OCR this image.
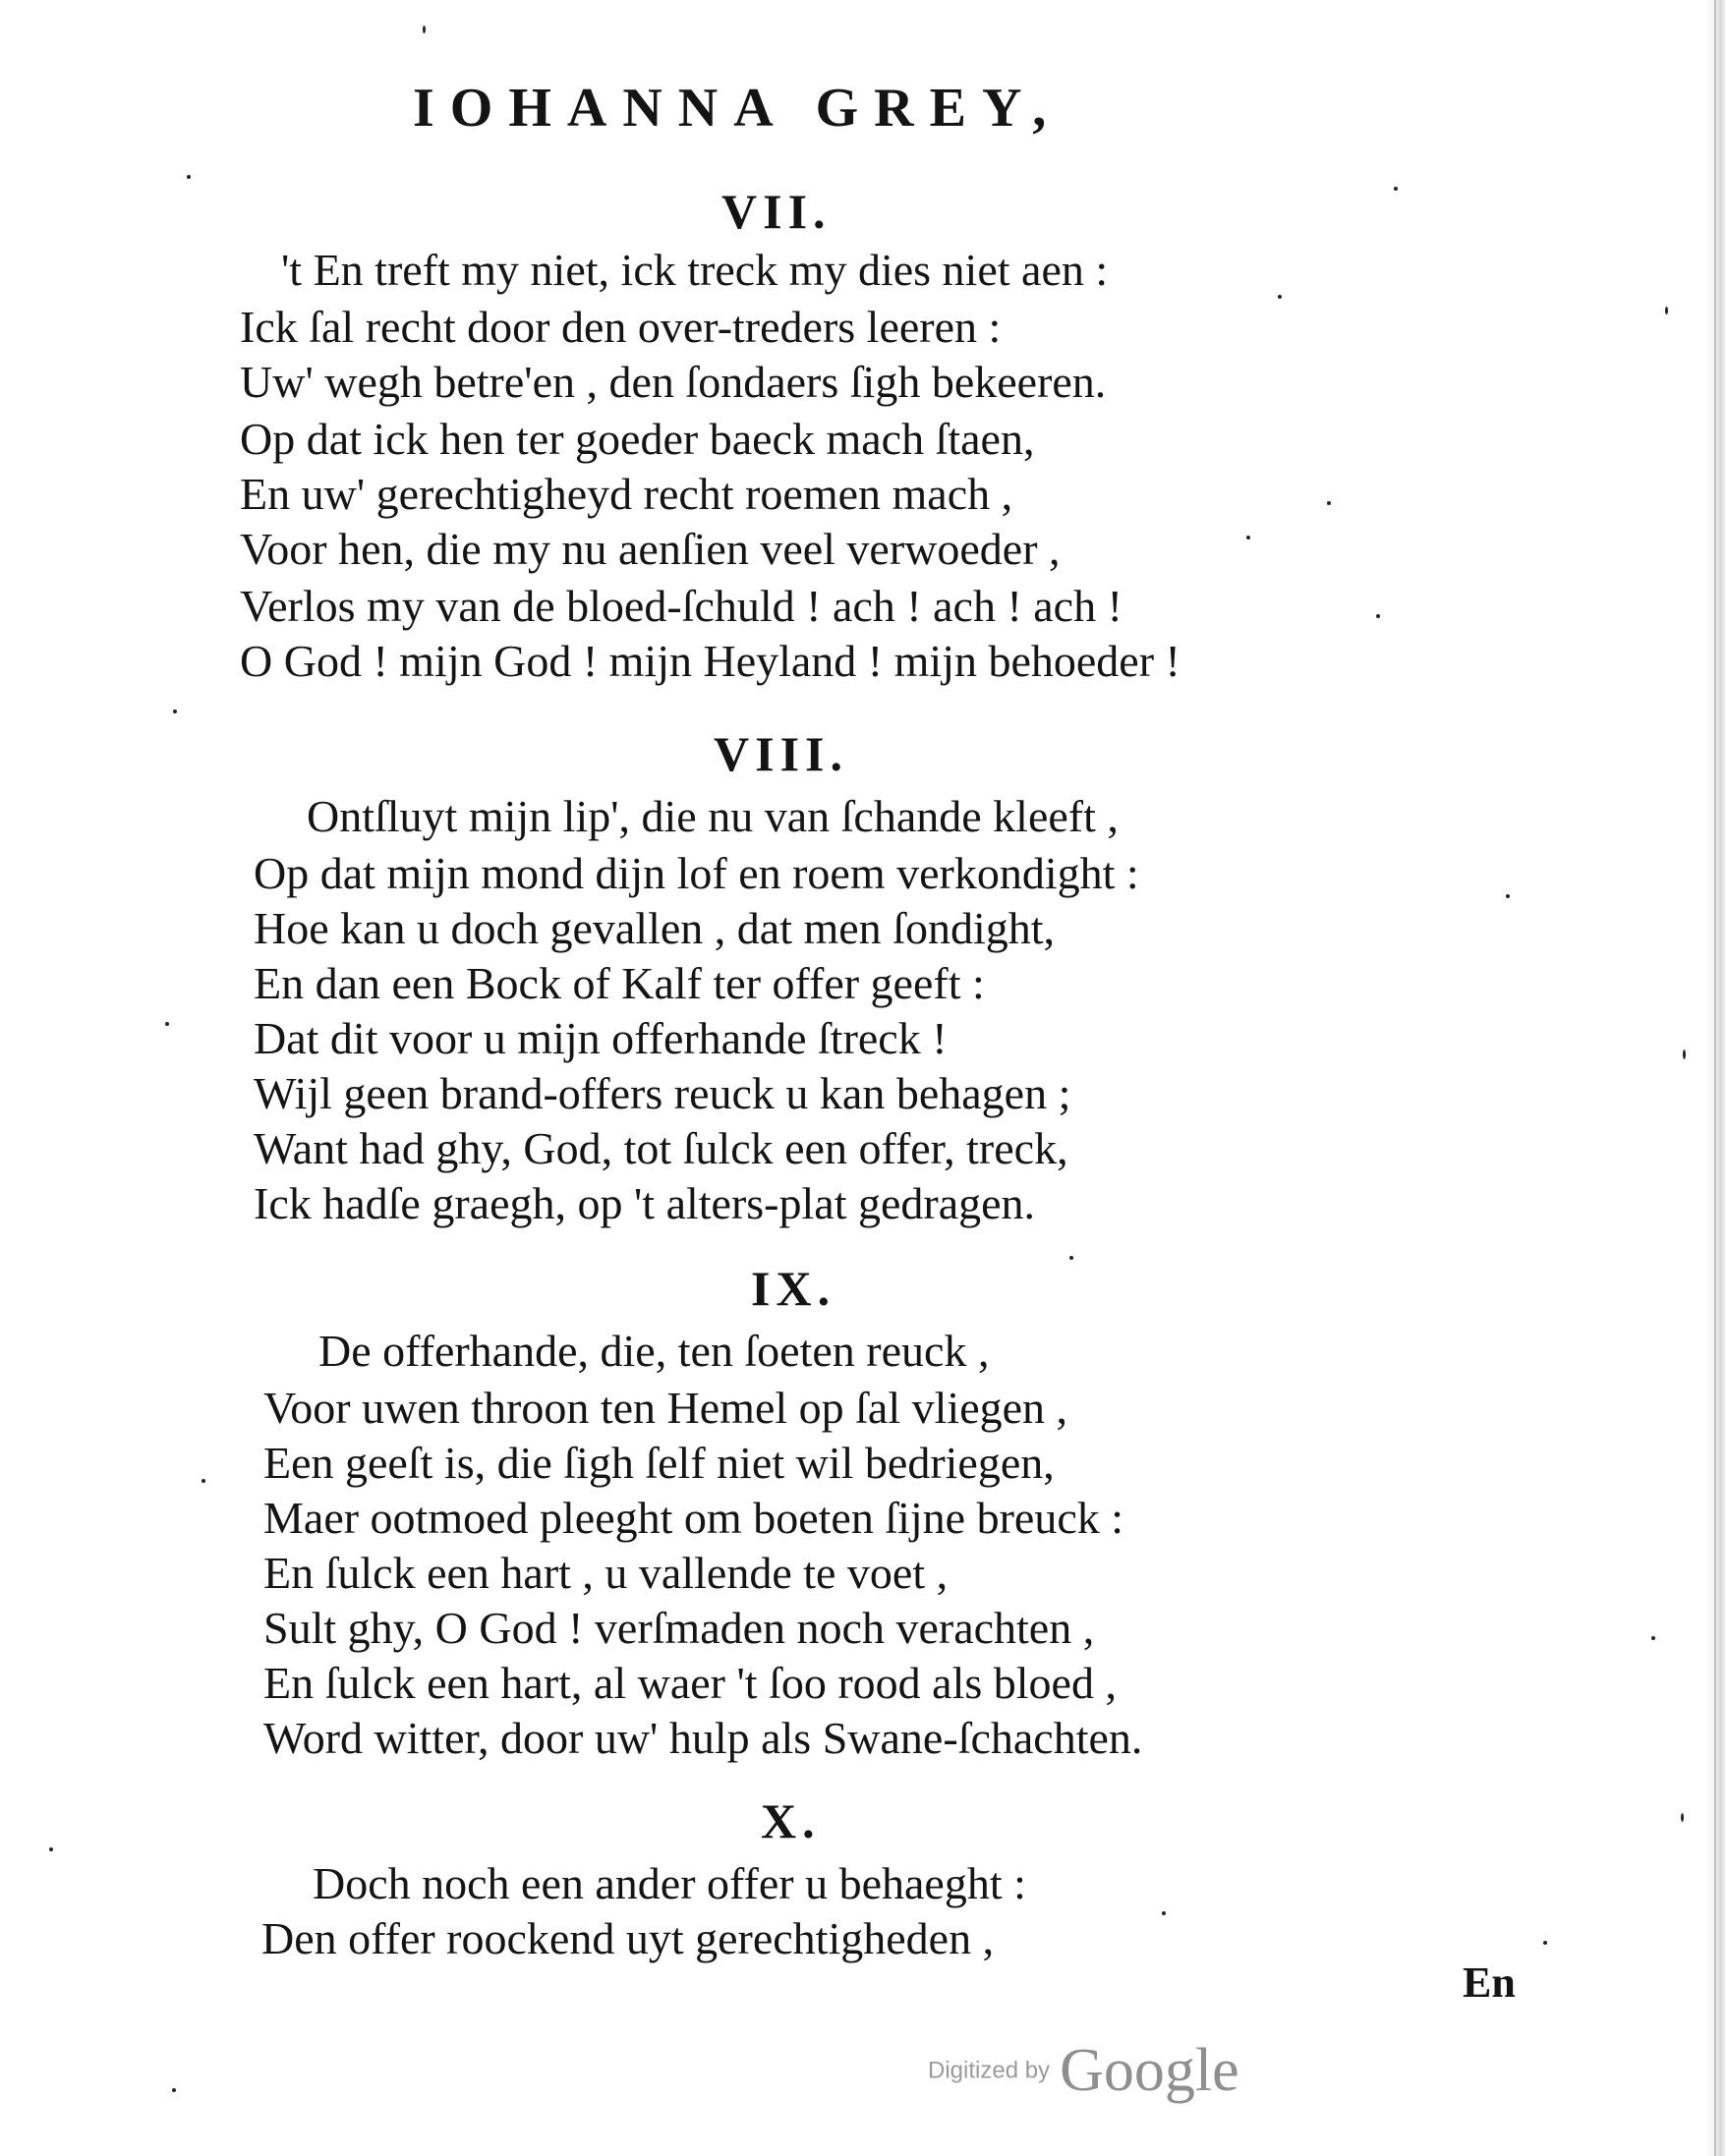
IOHANNA GREY,
VII.
't En treft my niet, ick treck my dies niet aen :
Ick ſal recht door den over-treders leeren :
Uw' wegh betre'en , den ſondaers ſigh bekeeren.
Op dat ick hen ter goeder baeck mach ſtaen,
En uw' gerechtigheyd recht roemen mach ,
Voor hen, die my nu aenſien veel verwoeder ,
Verlos my van de bloed-ſchuld ! ach ! ach ! ach !
O God ! mijn God ! mijn Heyland ! mijn behoeder !
VIII.
Ontſluyt mijn lip', die nu van ſchande kleeft ,
Op dat mijn mond dijn lof en roem verkondight :
Hoe kan u doch gevallen , dat men ſondight,
En dan een Bock of Kalf ter offer geeft :
Dat dit voor u mijn offerhande ſtreck !
Wijl geen brand-offers reuck u kan behagen ;
Want had ghy, God, tot ſulck een offer, treck,
Ick hadſe graegh, op 't alters-plat gedragen.
IX.
De offerhande, die, ten ſoeten reuck ,
Voor uwen throon ten Hemel op ſal vliegen ,
Een geeſt is, die ſigh ſelf niet wil bedriegen,
Maer ootmoed pleeght om boeten ſijne breuck :
En ſulck een hart , u vallende te voet ,
Sult ghy, O God ! verſmaden noch verachten ,
En ſulck een hart, al waer 't ſoo rood als bloed ,
Word witter, door uw' hulp als Swane-ſchachten.
X.
Doch noch een ander offer u behaeght :
Den offer roockend uyt gerechtigheden ,
En
Digitized by Google
